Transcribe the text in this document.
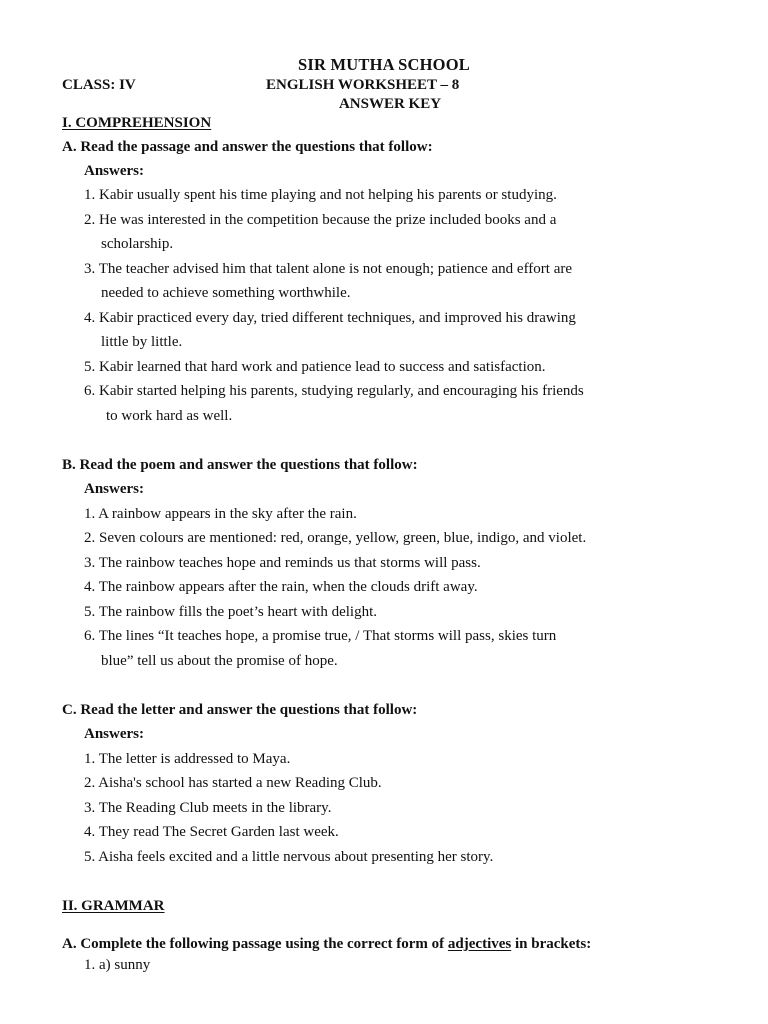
SIR MUTHA SCHOOL
CLASS: IV	ENGLISH WORKSHEET – 8
ANSWER KEY
I. COMPREHENSION
A. Read the passage and answer the questions that follow:
Answers:
1. Kabir usually spent his time playing and not helping his parents or studying.
2. He was interested in the competition because the prize included books and a
scholarship.
3. The teacher advised him that talent alone is not enough; patience and effort are
needed to achieve something worthwhile.
4. Kabir practiced every day, tried different techniques, and improved his drawing
little by little.
5. Kabir learned that hard work and patience lead to success and satisfaction.
6. Kabir started helping his parents, studying regularly, and encouraging his friends
to work hard as well.
B. Read the poem and answer the questions that follow:
Answers:
1. A rainbow appears in the sky after the rain.
2. Seven colours are mentioned: red, orange, yellow, green, blue, indigo, and violet.
3. The rainbow teaches hope and reminds us that storms will pass.
4. The rainbow appears after the rain, when the clouds drift away.
5. The rainbow fills the poet’s heart with delight.
6. The lines “It teaches hope, a promise true, / That storms will pass, skies turn
blue” tell us about the promise of hope.
C. Read the letter and answer the questions that follow:
Answers:
1. The letter is addressed to Maya.
2. Aisha's school has started a new Reading Club.
3. The Reading Club meets in the library.
4. They read The Secret Garden last week.
5. Aisha feels excited and a little nervous about presenting her story.
II. GRAMMAR
A. Complete the following passage using the correct form of adjectives in brackets:
1. a) sunny
